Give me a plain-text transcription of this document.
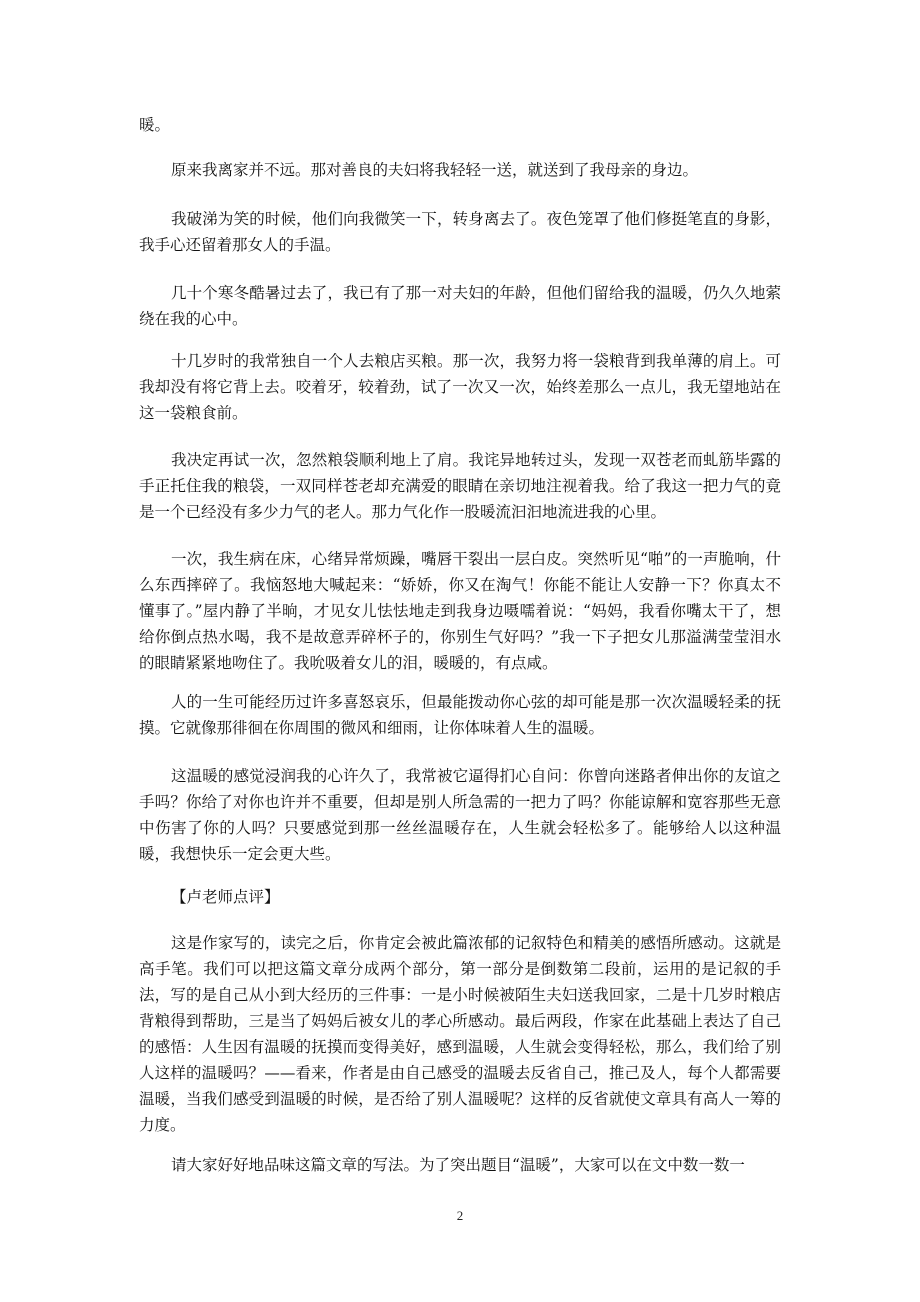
暖。

原来我离家并不远。那对善良的夫妇将我轻轻一送，就送到了我母亲的身边。

我破涕为笑的时候，他们向我微笑一下，转身离去了。夜色笼罩了他们修挺笔直的身影，我手心还留着那女人的手温。

几十个寒冬酷暑过去了，我已有了那一对夫妇的年龄，但他们留给我的温暖，仍久久地萦绕在我的心中。

十几岁时的我常独自一个人去粮店买粮。那一次，我努力将一袋粮背到我单薄的肩上。可我却没有将它背上去。咬着牙，较着劲，试了一次又一次，始终差那么一点儿，我无望地站在这一袋粮食前。

我决定再试一次，忽然粮袋顺利地上了肩。我诧异地转过头，发现一双苍老而虬筋毕露的手正托住我的粮袋，一双同样苍老却充满爱的眼睛在亲切地注视着我。给了我这一把力气的竟是一个已经没有多少力气的老人。那力气化作一股暖流汩汩地流进我的心里。

一次，我生病在床，心绪异常烦躁，嘴唇干裂出一层白皮。突然听见“啪”的一声脆响，什么东西摔碎了。我恼怒地大喊起来：“娇娇，你又在淘气！你能不能让人安静一下？你真太不懂事了。”屋内静了半晌，才见女儿怯怯地走到我身边嗫嚅着说：“妈妈，我看你嘴太干了，想给你倒点热水喝，我不是故意弄碎杯子的，你别生气好吗？”我一下子把女儿那溢满莹莹泪水的眼睛紧紧地吻住了。我吮吸着女儿的泪，暖暖的，有点咸。

人的一生可能经历过许多喜怒哀乐，但最能拨动你心弦的却可能是那一次次温暖轻柔的抚摸。它就像那徘徊在你周围的微风和细雨，让你体味着人生的温暖。

这温暖的感觉浸润我的心许久了，我常被它逼得扪心自问：你曾向迷路者伸出你的友谊之手吗？你给了对你也许并不重要，但却是别人所急需的一把力了吗？你能谅解和宽容那些无意中伤害了你的人吗？只要感觉到那一丝丝温暖存在，人生就会轻松多了。能够给人以这种温暖，我想快乐一定会更大些。

【卢老师点评】

这是作家写的，读完之后，你肯定会被此篇浓郁的记叙特色和精美的感悟所感动。这就是高手笔。我们可以把这篇文章分成两个部分，第一部分是倒数第二段前，运用的是记叙的手法，写的是自己从小到大经历的三件事：一是小时候被陌生夫妇送我回家，二是十几岁时粮店背粮得到帮助，三是当了妈妈后被女儿的孝心所感动。最后两段，作家在此基础上表达了自己的感悟：人生因有温暖的抚摸而变得美好，感到温暖，人生就会变得轻松，那么，我们给了别人这样的温暖吗？——看来，作者是由自己感受的温暖去反省自己，推己及人，每个人都需要温暖，当我们感受到温暖的时候，是否给了别人温暖呢？这样的反省就使文章具有高人一筹的力度。

请大家好好地品味这篇文章的写法。为了突出题目“温暖”，大家可以在文中数一数一

2
